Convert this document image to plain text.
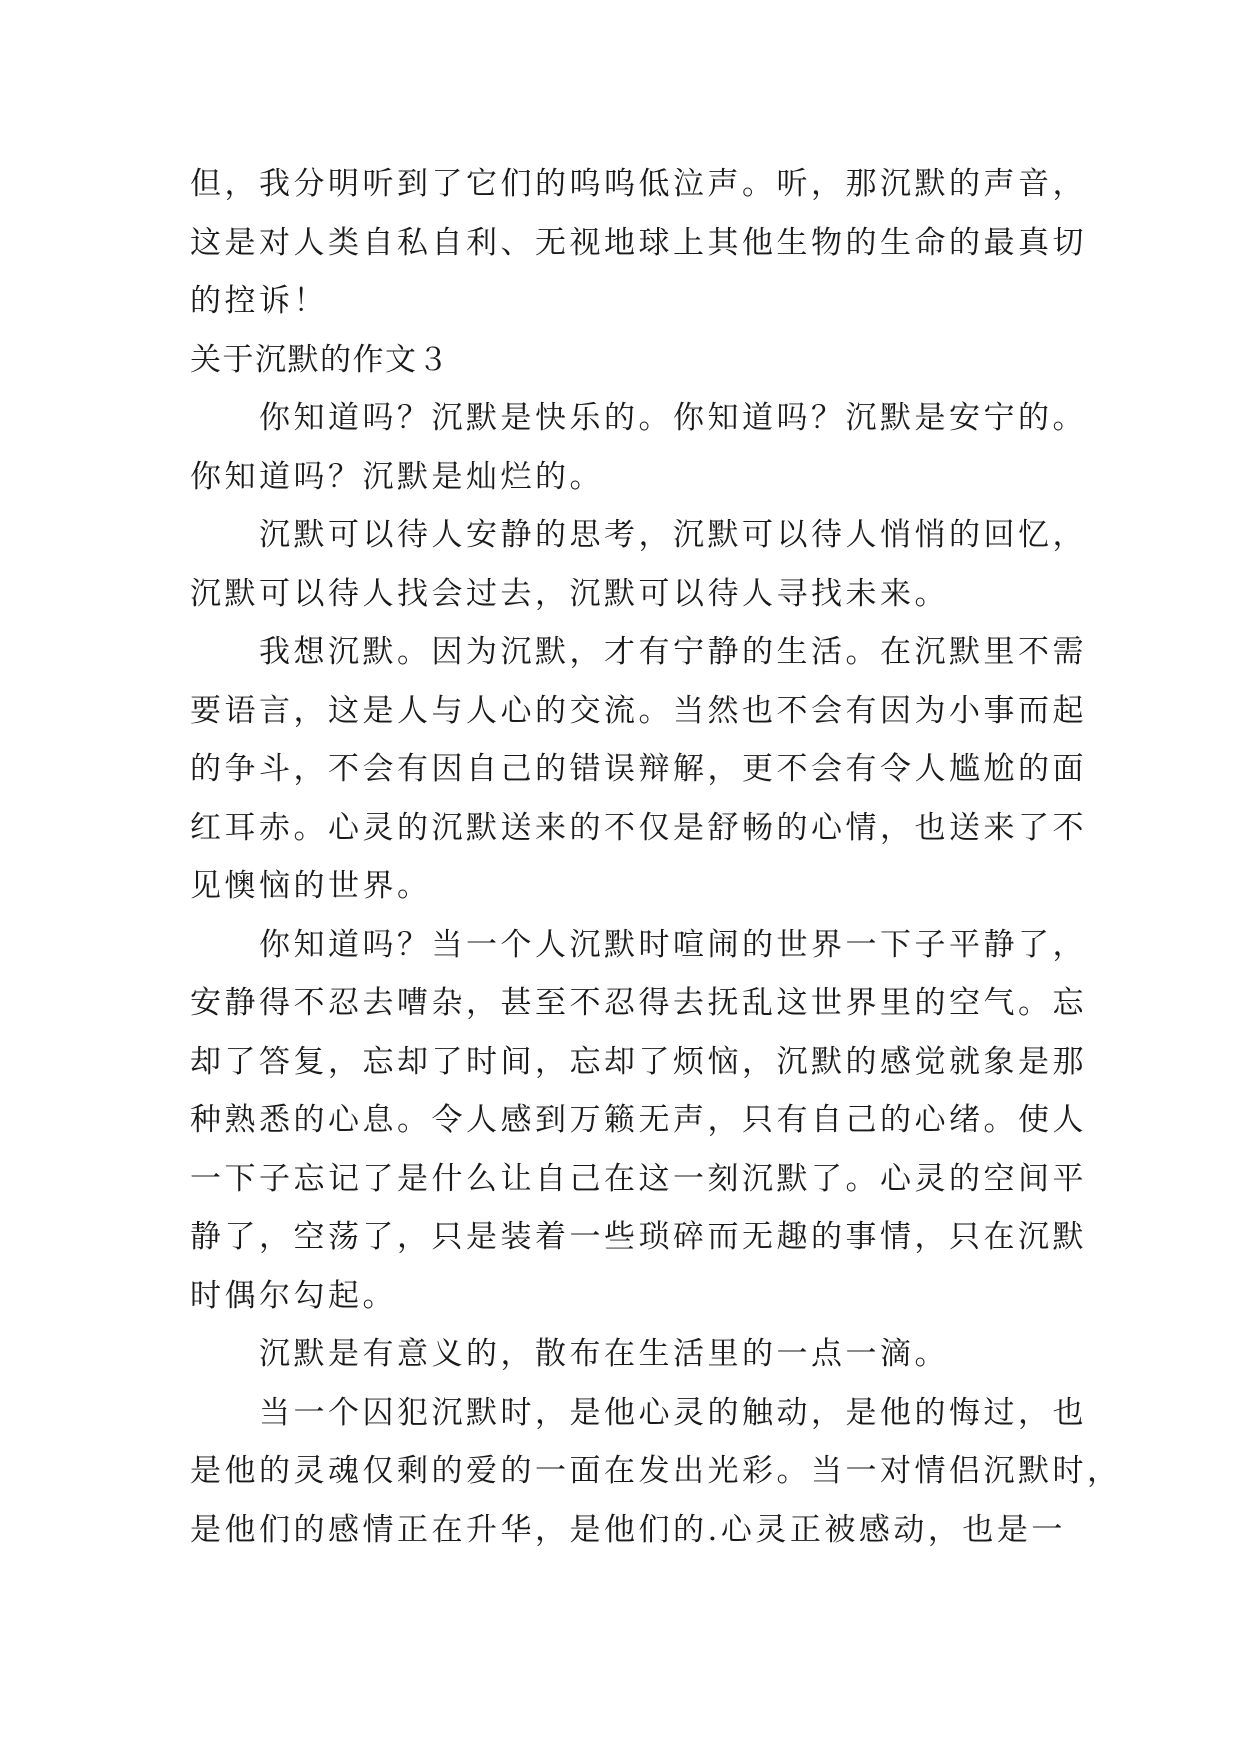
但，我分明听到了它们的呜呜低泣声。听，那沉默的声音，
这是对人类自私自利、无视地球上其他生物的生命的最真切
的控诉！
关于沉默的作文３
　　你知道吗？沉默是快乐的。你知道吗？沉默是安宁的。
你知道吗？沉默是灿烂的。
　　沉默可以待人安静的思考，沉默可以待人悄悄的回忆，
沉默可以待人找会过去，沉默可以待人寻找未来。
　　我想沉默。因为沉默，才有宁静的生活。在沉默里不需
要语言，这是人与人心的交流。当然也不会有因为小事而起
的争斗，不会有因自己的错误辩解，更不会有令人尴尬的面
红耳赤。心灵的沉默送来的不仅是舒畅的心情，也送来了不
见懊恼的世界。
　　你知道吗？当一个人沉默时喧闹的世界一下子平静了，
安静得不忍去嘈杂，甚至不忍得去抚乱这世界里的空气。忘
却了答复，忘却了时间，忘却了烦恼，沉默的感觉就象是那
种熟悉的心息。令人感到万籁无声，只有自己的心绪。使人
一下子忘记了是什么让自己在这一刻沉默了。心灵的空间平
静了，空荡了，只是装着一些琐碎而无趣的事情，只在沉默
时偶尔勾起。
　　沉默是有意义的，散布在生活里的一点一滴。
　　当一个囚犯沉默时，是他心灵的触动，是他的悔过，也
是他的灵魂仅剩的爱的一面在发出光彩。当一对情侣沉默时，
是他们的感情正在升华，是他们的.心灵正被感动，也是一
